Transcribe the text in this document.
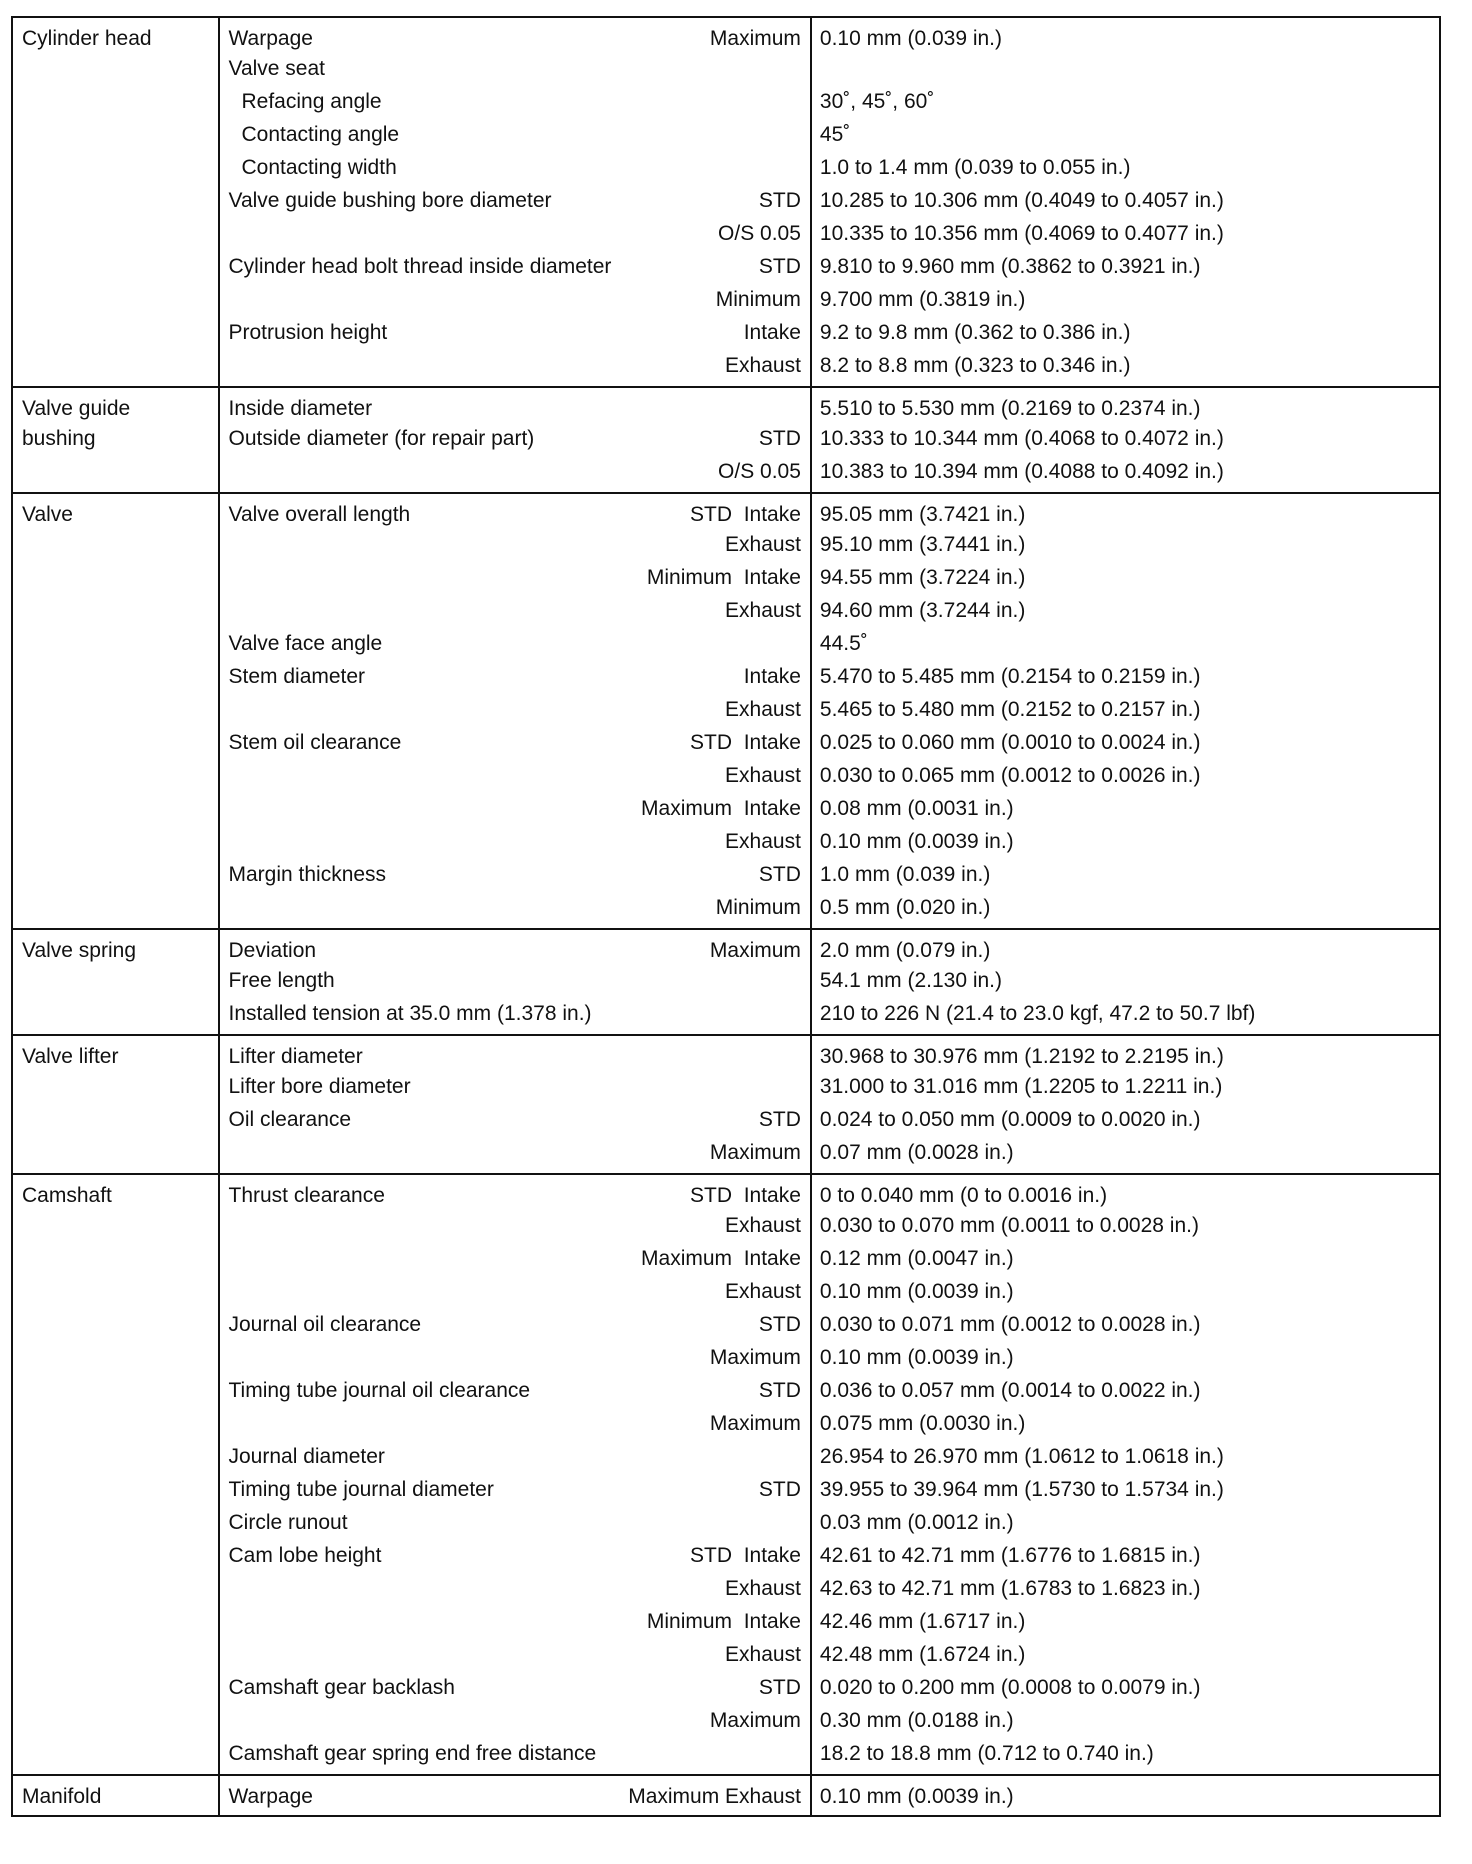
Cylinder head	Warpage Maximum	0.10 mm (0.039 in.)

	Valve seat	

	Refacing angle	30˚, 45˚, 60˚

	Contacting angle	45˚

	Contacting width	1.0 to 1.4 mm (0.039 to 0.055 in.)

	Valve guide bushing bore diameter STD	10.285 to 10.306 mm (0.4049 to 0.4057 in.)

	O/S 0.05	10.335 to 10.356 mm (0.4069 to 0.4077 in.)

	Cylinder head bolt thread inside diameter STD	9.810 to 9.960 mm (0.3862 to 0.3921 in.)

	Minimum	9.700 mm (0.3819 in.)

	Protrusion height Intake	9.2 to 9.8 mm (0.362 to 0.386 in.)

	Exhaust	8.2 to 8.8 mm (0.323 to 0.346 in.)
Valve guide	Inside diameter	5.510 to 5.530 mm (0.2169 to 0.2374 in.)
bushing	Outside diameter (for repair part) STD	10.333 to 10.344 mm (0.4068 to 0.4072 in.)

	O/S 0.05	10.383 to 10.394 mm (0.4088 to 0.4092 in.)
Valve	Valve overall length STD  Intake	95.05 mm (3.7421 in.)

	Exhaust	95.10 mm (3.7441 in.)

	Minimum  Intake	94.55 mm (3.7224 in.)

	Exhaust	94.60 mm (3.7244 in.)

	Valve face angle	44.5˚

	Stem diameter Intake	5.470 to 5.485 mm (0.2154 to 0.2159 in.)

	Exhaust	5.465 to 5.480 mm (0.2152 to 0.2157 in.)

	Stem oil clearance STD  Intake	0.025 to 0.060 mm (0.0010 to 0.0024 in.)

	Exhaust	0.030 to 0.065 mm (0.0012 to 0.0026 in.)

	Maximum  Intake	0.08 mm (0.0031 in.)

	Exhaust	0.10 mm (0.0039 in.)

	Margin thickness STD	1.0 mm (0.039 in.)

	Minimum	0.5 mm (0.020 in.)
Valve spring	Deviation Maximum	2.0 mm (0.079 in.)

	Free length	54.1 mm (2.130 in.)

	Installed tension at 35.0 mm (1.378 in.)	210 to 226 N (21.4 to 23.0 kgf, 47.2 to 50.7 lbf)
Valve lifter	Lifter diameter	30.968 to 30.976 mm (1.2192 to 2.2195 in.)

	Lifter bore diameter	31.000 to 31.016 mm (1.2205 to 1.2211 in.)

	Oil clearance STD	0.024 to 0.050 mm (0.0009 to 0.0020 in.)

	Maximum	0.07 mm (0.0028 in.)
Camshaft	Thrust clearance STD  Intake	0 to 0.040 mm (0 to 0.0016 in.)

	Exhaust	0.030 to 0.070 mm (0.0011 to 0.0028 in.)

	Maximum  Intake	0.12 mm (0.0047 in.)

	Exhaust	0.10 mm (0.0039 in.)

	Journal oil clearance STD	0.030 to 0.071 mm (0.0012 to 0.0028 in.)

	Maximum	0.10 mm (0.0039 in.)

	Timing tube journal oil clearance STD	0.036 to 0.057 mm (0.0014 to 0.0022 in.)

	Maximum	0.075 mm (0.0030 in.)

	Journal diameter	26.954 to 26.970 mm (1.0612 to 1.0618 in.)

	Timing tube journal diameter STD	39.955 to 39.964 mm (1.5730 to 1.5734 in.)

	Circle runout	0.03 mm (0.0012 in.)

	Cam lobe height STD  Intake	42.61 to 42.71 mm (1.6776 to 1.6815 in.)

	Exhaust	42.63 to 42.71 mm (1.6783 to 1.6823 in.)

	Minimum  Intake	42.46 mm (1.6717 in.)

	Exhaust	42.48 mm (1.6724 in.)

	Camshaft gear backlash STD	0.020 to 0.200 mm (0.0008 to 0.0079 in.)

	Maximum	0.30 mm (0.0188 in.)

	Camshaft gear spring end free distance	18.2 to 18.8 mm (0.712 to 0.740 in.)
Manifold	Warpage Maximum Exhaust	0.10 mm (0.0039 in.)
